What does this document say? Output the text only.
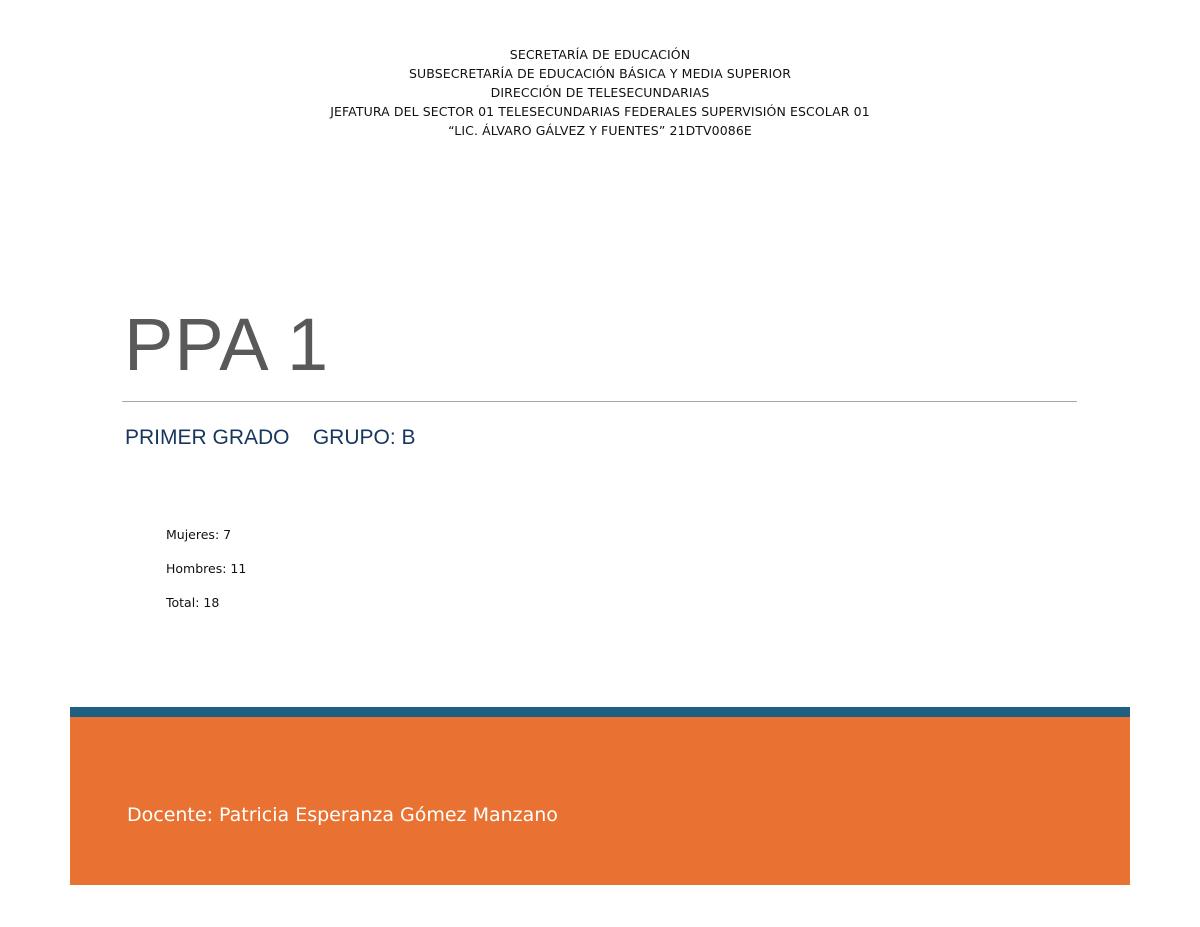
SECRETARÍA DE EDUCACIÓN
SUBSECRETARÍA DE EDUCACIÓN BÁSICA Y MEDIA SUPERIOR
DIRECCIÓN DE TELESECUNDARIAS
JEFATURA DEL SECTOR 01 TELESECUNDARIAS FEDERALES SUPERVISIÓN ESCOLAR 01
“LIC. ÁLVARO GÁLVEZ Y FUENTES” 21DTV0086E
PPA 1
PRIMER GRADO    GRUPO: B
Mujeres: 7
Hombres: 11
Total: 18
Docente: Patricia Esperanza Gómez Manzano
